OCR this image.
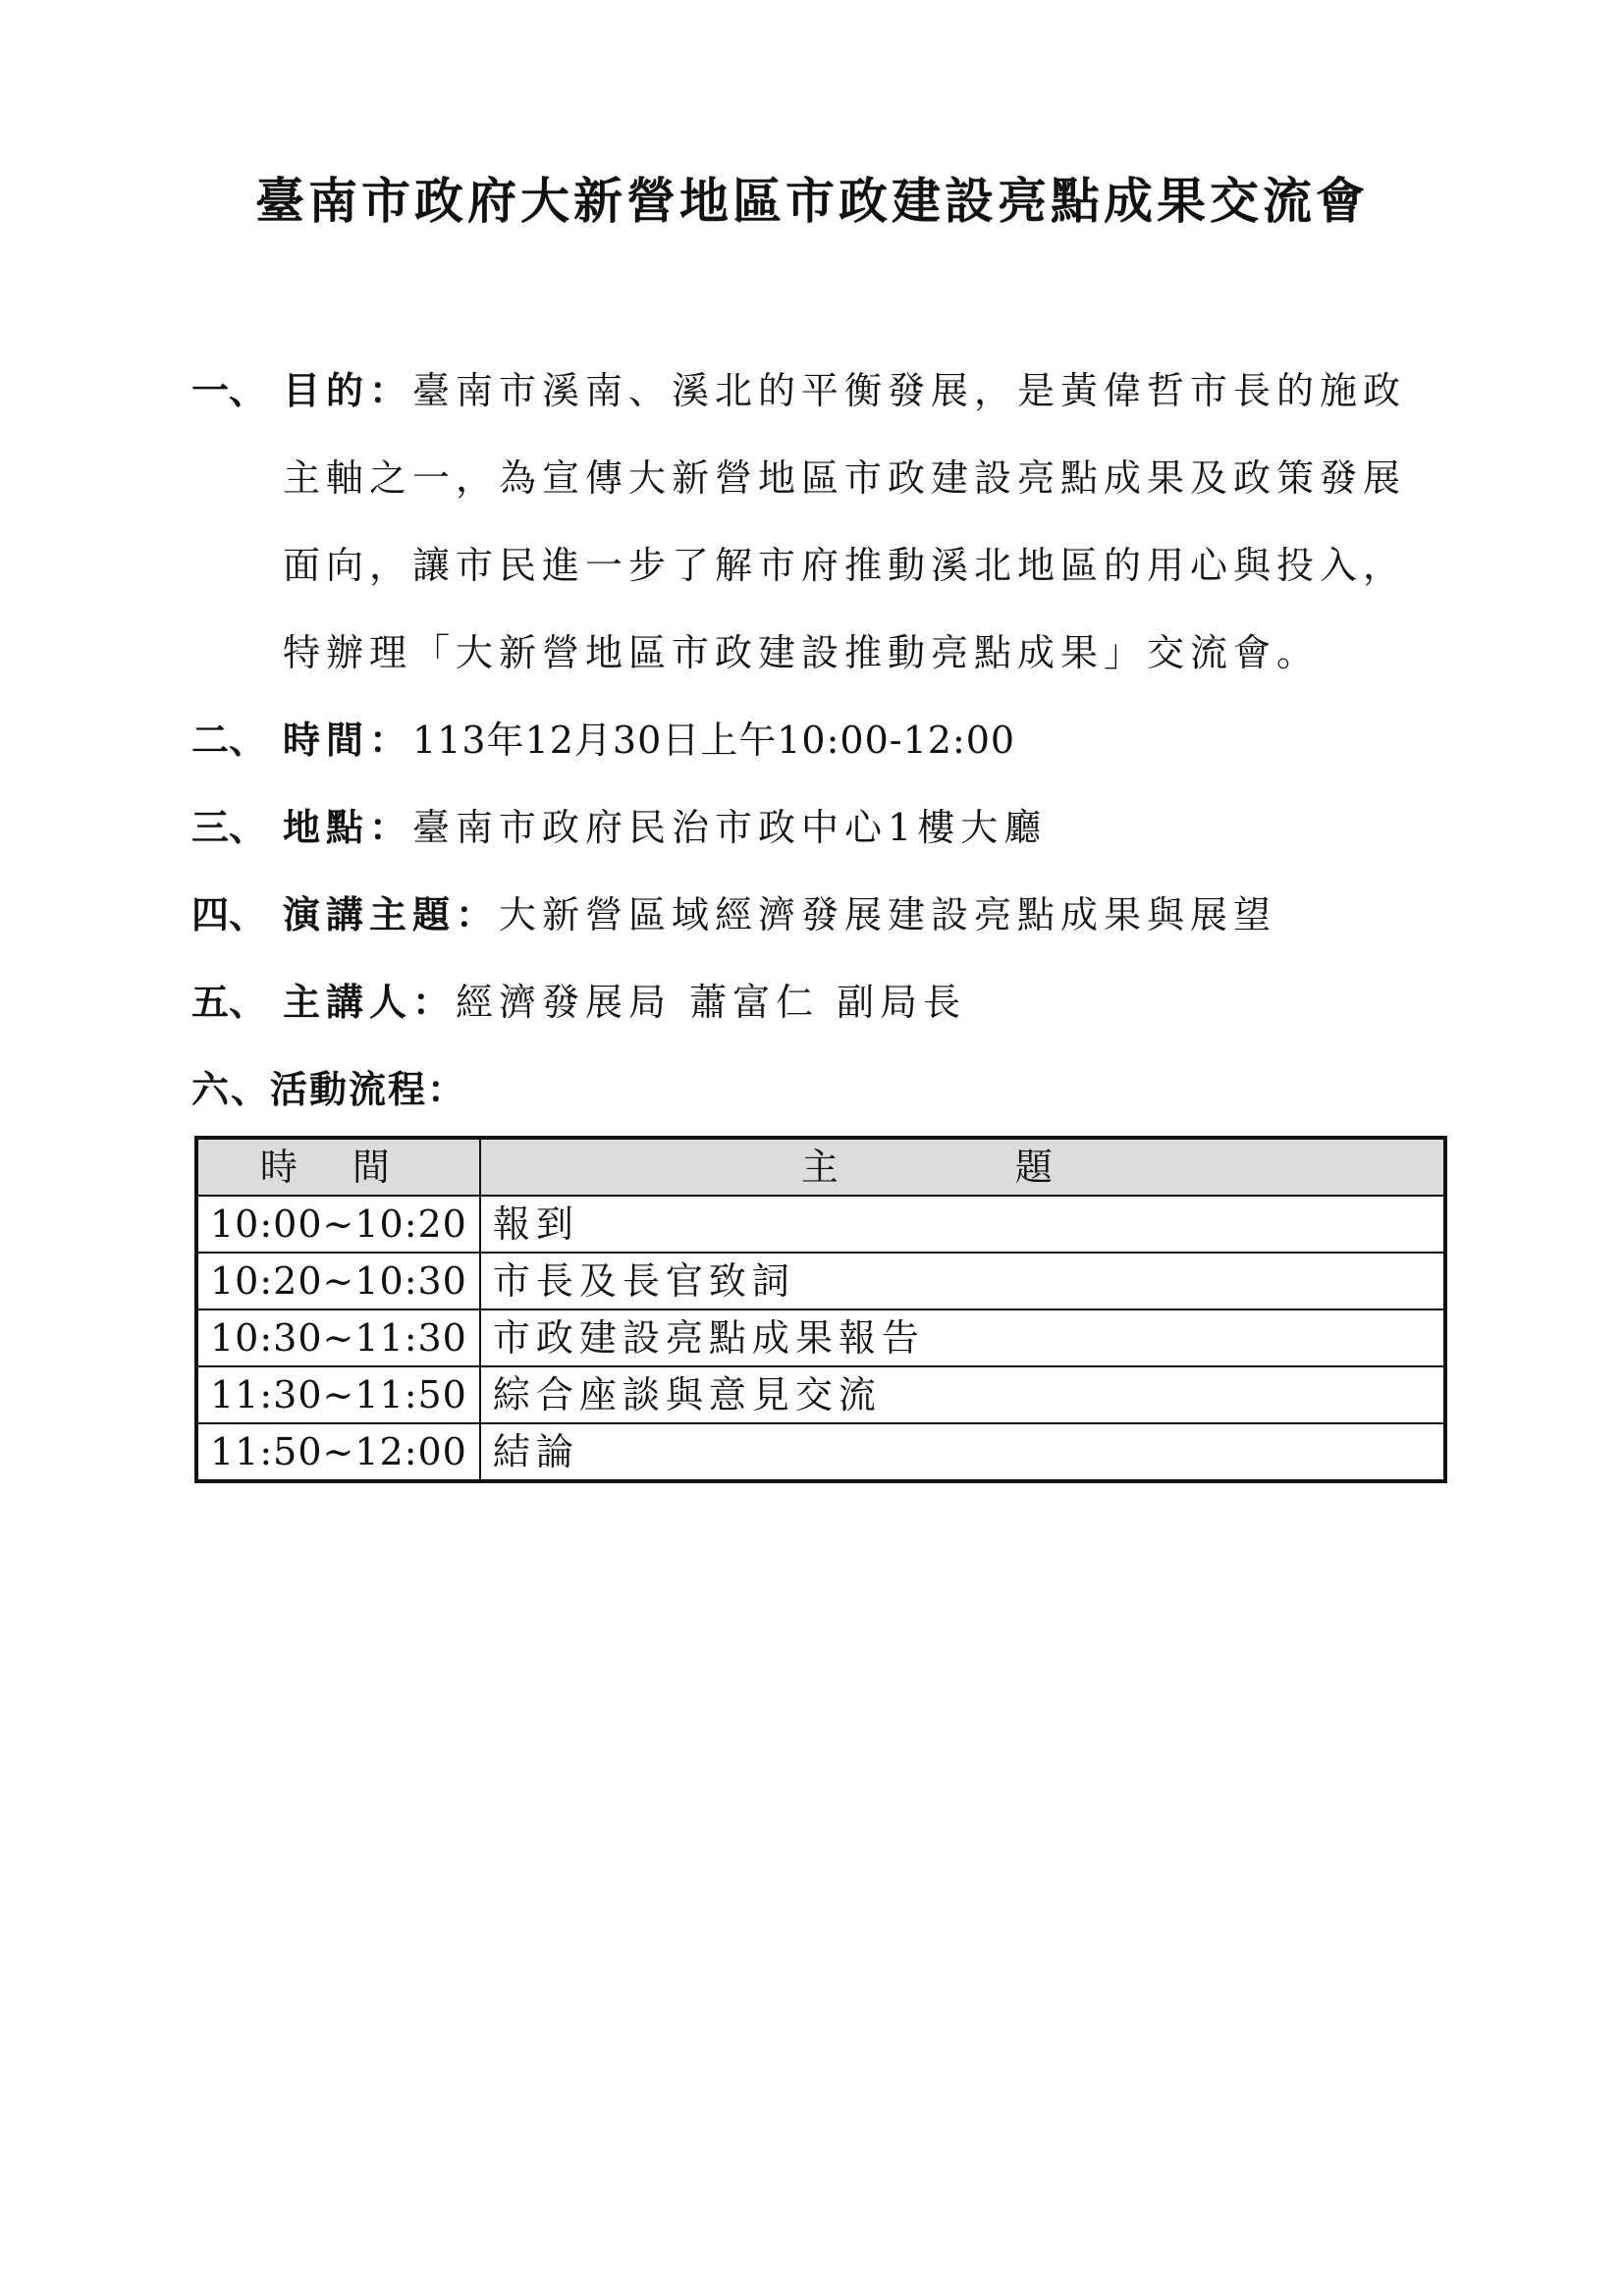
臺南市政府大新營地區市政建設亮點成果交流會
一、 目的：臺南市溪南、溪北的平衡發展，是黃偉哲市長的施政
主軸之一，為宣傳大新營地區市政建設亮點成果及政策發展
面向，讓市民進一步了解市府推動溪北地區的用心與投入，
特辦理「大新營地區市政建設推動亮點成果」交流會。
二、 時間：113年12月30日上午10:00-12:00
三、 地點：臺南市政府民治市政中心1樓大廳
四、 演講主題：大新營區域經濟發展建設亮點成果與展望
五、 主講人：經濟發展局 蕭富仁 副局長
六、活動流程：
時間	主題
10:00~10:20	報到
10:20~10:30	市長及長官致詞
10:30~11:30	市政建設亮點成果報告
11:30~11:50	綜合座談與意見交流
11:50~12:00	結論
